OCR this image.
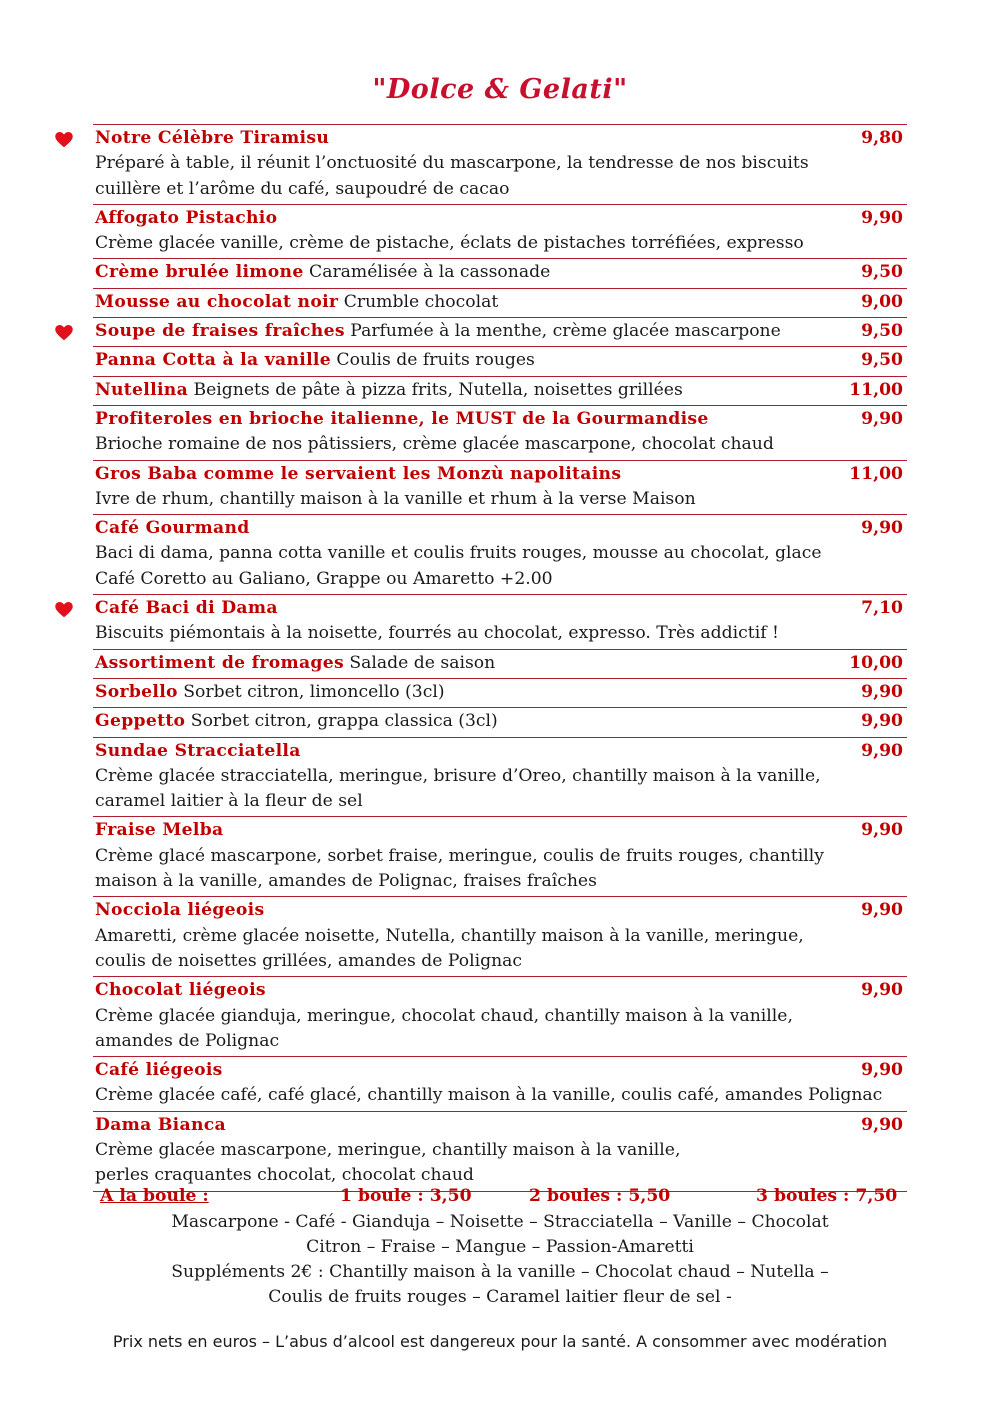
"Dolce & Gelati"
Notre Célèbre Tiramisu	9,80
Préparé à table, il réunit l’onctuosité du mascarpone, la tendresse de nos biscuits
cuillère et l’arôme du café, saupoudré de cacao
Affogato Pistachio	9,90
Crème glacée vanille, crème de pistache, éclats de pistaches torréfiées, expresso
Crème brulée limone Caramélisée à la cassonade	9,50
Mousse au chocolat noir Crumble chocolat	9,00
Soupe de fraises fraîches Parfumée à la menthe, crème glacée mascarpone	9,50
Panna Cotta à la vanille Coulis de fruits rouges	9,50
Nutellina Beignets de pâte à pizza frits, Nutella, noisettes grillées	11,00
Profiteroles en brioche italienne, le MUST de la Gourmandise	9,90
Brioche romaine de nos pâtissiers, crème glacée mascarpone, chocolat chaud
Gros Baba comme le servaient les Monzù napolitains	11,00
Ivre de rhum, chantilly maison à la vanille et rhum à la verse Maison
Café Gourmand	9,90
Baci di dama, panna cotta vanille et coulis fruits rouges, mousse au chocolat, glace
Café Coretto au Galiano, Grappe ou Amaretto +2.00
Café Baci di Dama	7,10
Biscuits piémontais à la noisette, fourrés au chocolat, expresso. Très addictif !
Assortiment de fromages Salade de saison	10,00
Sorbello Sorbet citron, limoncello (3cl)	9,90
Geppetto Sorbet citron, grappa classica (3cl)	9,90
Sundae Stracciatella	9,90
Crème glacée stracciatella, meringue, brisure d’Oreo, chantilly maison à la vanille,
caramel laitier à la fleur de sel
Fraise Melba	9,90
Crème glacé mascarpone, sorbet fraise, meringue, coulis de fruits rouges, chantilly
maison à la vanille, amandes de Polignac, fraises fraîches
Nocciola liégeois	9,90
Amaretti, crème glacée noisette, Nutella, chantilly maison à la vanille, meringue,
coulis de noisettes grillées, amandes de Polignac
Chocolat liégeois	9,90
Crème glacée gianduja, meringue, chocolat chaud, chantilly maison à la vanille,
amandes de Polignac
Café liégeois	9,90
Crème glacée café, café glacé, chantilly maison à la vanille, coulis café, amandes Polignac
Dama Bianca	9,90
Crème glacée mascarpone, meringue, chantilly maison à la vanille,
perles craquantes chocolat, chocolat chaud
A la boule :	1 boule : 3,50	2 boules : 5,50	3 boules : 7,50
Mascarpone - Café - Gianduja – Noisette – Stracciatella – Vanille – Chocolat
Citron – Fraise – Mangue – Passion-Amaretti
Suppléments 2€ : Chantilly maison à la vanille – Chocolat chaud – Nutella –
Coulis de fruits rouges – Caramel laitier fleur de sel -
Prix nets en euros – L’abus d’alcool est dangereux pour la santé. A consommer avec modération
